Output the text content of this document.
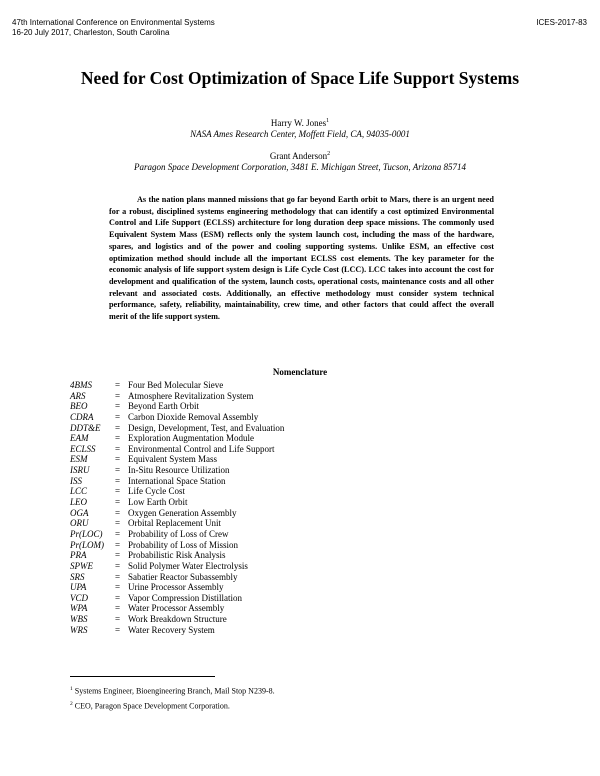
47th International Conference on Environmental Systems
16-20 July 2017, Charleston, South Carolina
ICES-2017-83
Need for Cost Optimization of Space Life Support Systems
Harry W. Jones$^1$
NASA Ames Research Center, Moffett Field, CA, 94035-0001
Grant Anderson$^2$
Paragon Space Development Corporation, 3481 E. Michigan Street, Tucson, Arizona 85714

As the nation plans manned missions that go far beyond Earth orbit to Mars, there is an urgent need for a robust, disciplined systems engineering methodology that can identify a cost optimized Environmental Control and Life Support (ECLSS) architecture for long duration deep space missions. The commonly used Equivalent System Mass (ESM) reflects only the system launch cost, including the mass of the hardware, spares, and logistics and of the power and cooling supporting systems. Unlike ESM, an effective cost optimization method should include all the important ECLSS cost elements. The key parameter for the economic analysis of life support system design is Life Cycle Cost (LCC). LCC takes into account the cost for development and qualification of the system, launch costs, operational costs, maintenance costs and all other relevant and associated costs. Additionally, an effective methodology must consider system technical performance, safety, reliability, maintainability, crew time, and other factors that could affect the overall merit of the life support system.

Nomenclature
4BMS	= Four Bed Molecular Sieve
ARS	= Atmosphere Revitalization System
BEO	= Beyond Earth Orbit
CDRA = Carbon Dioxide Removal Assembly
DDT&E = Design, Development, Test, and Evaluation
EAM	= Exploration Augmentation Module
ECLSS = Environmental Control and Life Support
ESM	= Equivalent System Mass
ISRU	= In-Situ Resource Utilization
ISS	= International Space Station
LCC	= Life Cycle Cost
LEO	= Low Earth Orbit
OGA	= Oxygen Generation Assembly
ORU	= Orbital Replacement Unit
Pr(LOC) = Probability of Loss of Crew
Pr(LOM) = Probability of Loss of Mission
PRA	= Probabilistic Risk Analysis
SPWE = Solid Polymer Water Electrolysis
SRS	= Sabatier Reactor Subassembly
UPA	= Urine Processor Assembly
VCD	= Vapor Compression Distillation
WPA	= Water Processor Assembly
WBS	= Work Breakdown Structure
WRS	= Water Recovery System
$^1$ Systems Engineer, Bioengineering Branch, Mail Stop N239-8.
$^2$ CEO, Paragon Space Development Corporation.
